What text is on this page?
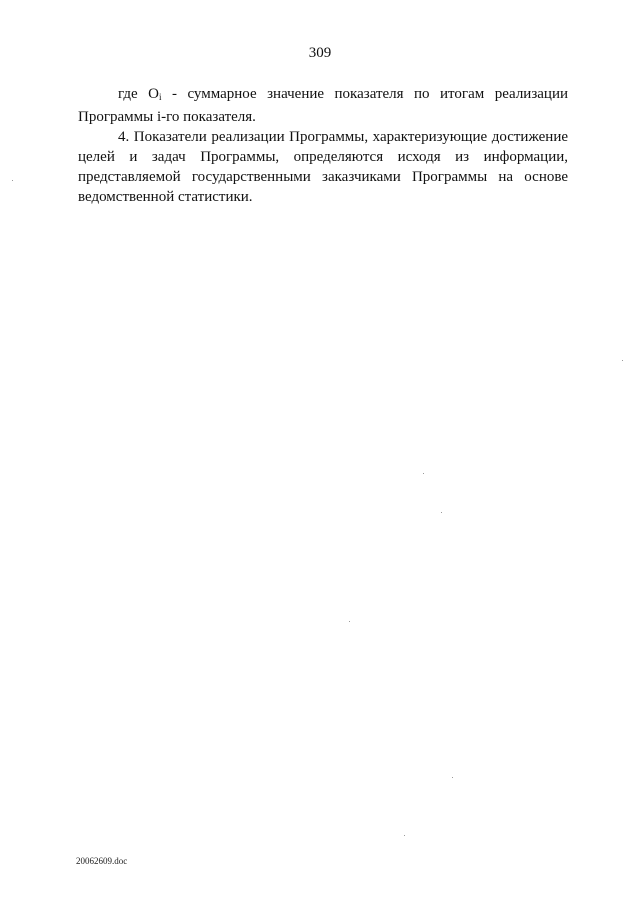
309

где $O_i$ - суммарное значение показателя по итогам реализации Программы i-го показателя.

4. Показатели реализации Программы, характеризующие достижение целей и задач Программы, определяются исходя из информации, представляемой государственными заказчиками Программы на основе ведомственной статистики.

20062609.doc
